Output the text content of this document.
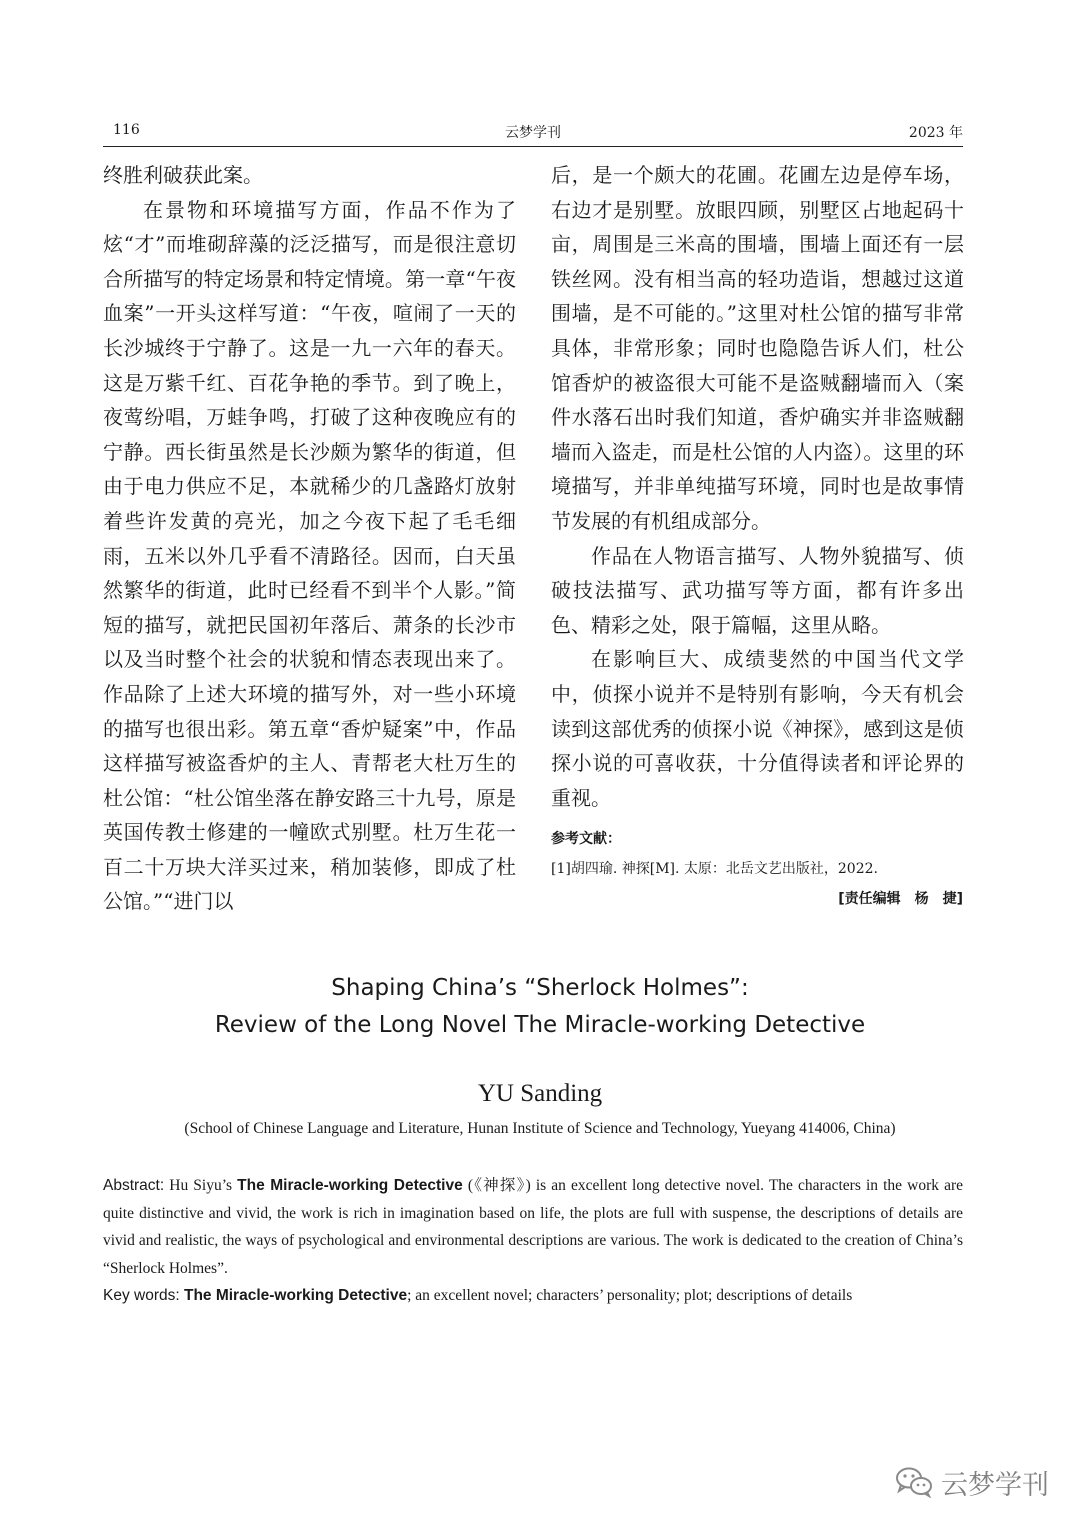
116	云梦学刊	2023 年

终胜利破获此案。

在景物和环境描写方面，作品不作为了炫“才”而堆砌辞藻的泛泛描写，而是很注意切合所描写的特定场景和特定情境。第一章“午夜血案”一开头这样写道：“午夜，喧闹了一天的长沙城终于宁静了。这是一九一六年的春天。这是万紫千红、百花争艳的季节。到了晚上，夜莺纷唱，万蛙争鸣，打破了这种夜晚应有的宁静。西长街虽然是长沙颇为繁华的街道，但由于电力供应不足，本就稀少的几盏路灯放射着些许发黄的亮光，加之今夜下起了毛毛细雨，五米以外几乎看不清路径。因而，白天虽然繁华的街道，此时已经看不到半个人影。”简短的描写，就把民国初年落后、萧条的长沙市以及当时整个社会的状貌和情态表现出来了。作品除了上述大环境的描写外，对一些小环境的描写也很出彩。第五章“香炉疑案”中，作品这样描写被盗香炉的主人、青帮老大杜万生的杜公馆：“杜公馆坐落在静安路三十九号，原是英国传教士修建的一幢欧式别墅。杜万生花一百二十万块大洋买过来，稍加装修，即成了杜公馆。”“进门以

后，是一个颇大的花圃。花圃左边是停车场，右边才是别墅。放眼四顾，别墅区占地起码十亩，周围是三米高的围墙，围墙上面还有一层铁丝网。没有相当高的轻功造诣，想越过这道围墙，是不可能的。”这里对杜公馆的描写非常具体，非常形象；同时也隐隐告诉人们，杜公馆香炉的被盗很大可能不是盗贼翻墙而入（案件水落石出时我们知道，香炉确实并非盗贼翻墙而入盗走，而是杜公馆的人内盗）。这里的环境描写，并非单纯描写环境，同时也是故事情节发展的有机组成部分。

作品在人物语言描写、人物外貌描写、侦破技法描写、武功描写等方面，都有许多出色、精彩之处，限于篇幅，这里从略。

在影响巨大、成绩斐然的中国当代文学中，侦探小说并不是特别有影响，今天有机会读到这部优秀的侦探小说《神探》，感到这是侦探小说的可喜收获，十分值得读者和评论界的重视。

参考文献：
[1]胡四瑜. 神探[M]. 太原：北岳文艺出版社，2022.
[责任编辑　杨　捷]
Shaping China’s “Sherlock Holmes”:
Review of the Long Novel The Miracle-working Detective
YU Sanding
(School of Chinese Language and Literature, Hunan Institute of Science and Technology, Yueyang 414006, China)
Abstract: Hu Siyu’s The Miracle-working Detective (《神探》) is an excellent long detective novel. The characters in the work are quite distinctive and vivid, the work is rich in imagination based on life, the plots are full with suspense, the descriptions of details are vivid and realistic, the ways of psychological and environmental descriptions are various. The work is dedicated to the creation of China’s “Sherlock Holmes”.
Key words: The Miracle-working Detective; an excellent novel; characters’ personality; plot; descriptions of details
云梦学刊
